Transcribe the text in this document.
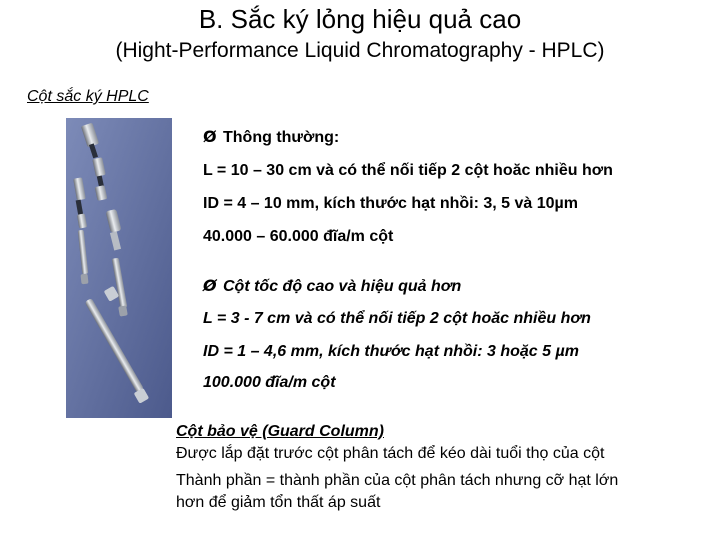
B. Sắc ký lỏng hiệu quả cao
(Hight-Performance Liquid Chromatography - HPLC)
Cột sắc ký HPLC
Ø Thông thường:
L = 10 – 30 cm và có thể nối tiếp 2 cột hoăc nhiều hơn
ID = 4 – 10 mm, kích thước hạt nhồi: 3, 5 và 10µm
40.000 – 60.000 đĩa/m cột
Ø Cột tốc độ cao và hiệu quả hơn
L = 3 - 7 cm và có thể nối tiếp 2 cột hoăc nhiều hơn
ID = 1 – 4,6 mm, kích thước hạt nhồi: 3 hoặc 5 µm
100.000 đĩa/m cột
Cột bảo vệ (Guard Column)
Được lắp đặt trước cột phân tách để kéo dài tuổi thọ của cột
Thành phần = thành phần của cột phân tách nhưng cỡ hạt lớn
hơn để giảm tổn thất áp suất
